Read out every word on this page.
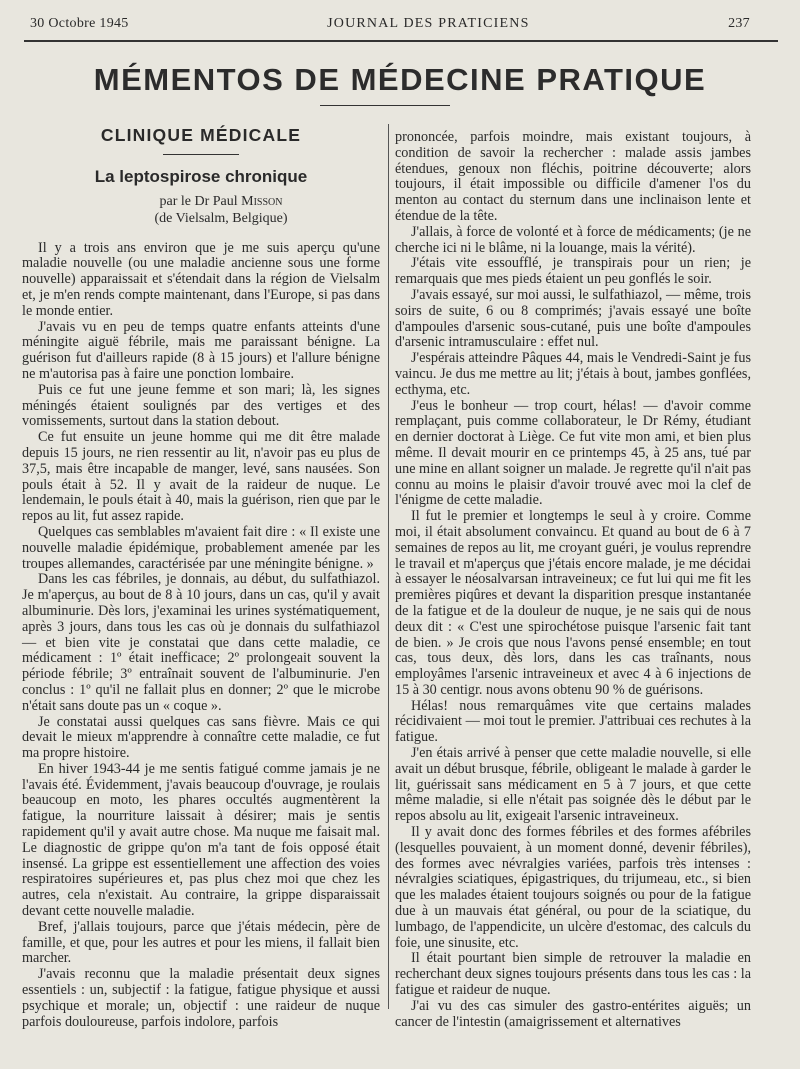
30 Octobre 1945	JOURNAL DES PRATICIENS	237
MÉMENTOS DE MÉDECINE PRATIQUE
CLINIQUE MÉDICALE
La leptospirose chronique
par le Dr Paul Misson
(de Vielsalm, Belgique)

Il y a trois ans environ que je me suis aperçu qu'une maladie nouvelle (ou une maladie ancienne sous une forme nouvelle) apparaissait et s'étendait dans la région de Vielsalm et, je m'en rends compte maintenant, dans l'Europe, si pas dans le monde entier.

J'avais vu en peu de temps quatre enfants atteints d'une méningite aiguë fébrile, mais me paraissant bénigne. La guérison fut d'ailleurs rapide (8 à 15 jours) et l'allure bénigne ne m'autorisa pas à faire une ponction lombaire.

Puis ce fut une jeune femme et son mari; là, les signes méningés étaient soulignés par des vertiges et des vomissements, surtout dans la station debout.

Ce fut ensuite un jeune homme qui me dit être malade depuis 15 jours, ne rien ressentir au lit, n'avoir pas eu plus de 37,5, mais être incapable de manger, levé, sans nausées. Son pouls était à 52. Il y avait de la raideur de nuque. Le lendemain, le pouls était à 40, mais la guérison, rien que par le repos au lit, fut assez rapide.

Quelques cas semblables m'avaient fait dire : « Il existe une nouvelle maladie épidémique, probablement amenée par les troupes allemandes, caractérisée par une méningite bénigne. »

Dans les cas fébriles, je donnais, au début, du sulfathiazol. Je m'aperçus, au bout de 8 à 10 jours, dans un cas, qu'il y avait albuminurie. Dès lors, j'examinai les urines systématiquement, après 3 jours, dans tous les cas où je donnais du sulfathiazol — et bien vite je constatai que dans cette maladie, ce médicament : 1º était inefficace; 2º prolongeait souvent la période fébrile; 3º entraînait souvent de l'albuminurie. J'en conclus : 1º qu'il ne fallait plus en donner; 2º que le microbe n'était sans doute pas un « coque ».

Je constatai aussi quelques cas sans fièvre. Mais ce qui devait le mieux m'apprendre à connaître cette maladie, ce fut ma propre histoire.

En hiver 1943-44 je me sentis fatigué comme jamais je ne l'avais été. Évidemment, j'avais beaucoup d'ouvrage, je roulais beaucoup en moto, les phares occultés augmentèrent la fatigue, la nourriture laissait à désirer; mais je sentis rapidement qu'il y avait autre chose. Ma nuque me faisait mal. Le diagnostic de grippe qu'on m'a tant de fois opposé était insensé. La grippe est essentiellement une affection des voies respiratoires supérieures et, pas plus chez moi que chez les autres, cela n'existait. Au contraire, la grippe disparaissait devant cette nouvelle maladie.

Bref, j'allais toujours, parce que j'étais médecin, père de famille, et que, pour les autres et pour les miens, il fallait bien marcher.

J'avais reconnu que la maladie présentait deux signes essentiels : un, subjectif : la fatigue, fatigue physique et aussi psychique et morale; un, objectif : une raideur de nuque parfois douloureuse, parfois indolore, parfois

prononcée, parfois moindre, mais existant toujours, à condition de savoir la rechercher : malade assis jambes étendues, genoux non fléchis, poitrine découverte; alors toujours, il était impossible ou difficile d'amener l'os du menton au contact du sternum dans une inclinaison lente et étendue de la tête.

J'allais, à force de volonté et à force de médicaments; (je ne cherche ici ni le blâme, ni la louange, mais la vérité).

J'étais vite essoufflé, je transpirais pour un rien; je remarquais que mes pieds étaient un peu gonflés le soir.

J'avais essayé, sur moi aussi, le sulfathiazol, — même, trois soirs de suite, 6 ou 8 comprimés; j'avais essayé une boîte d'ampoules d'arsenic sous-cutané, puis une boîte d'ampoules d'arsenic intramusculaire : effet nul.

J'espérais atteindre Pâques 44, mais le Vendredi-Saint je fus vaincu. Je dus me mettre au lit; j'étais à bout, jambes gonflées, ecthyma, etc.

J'eus le bonheur — trop court, hélas! — d'avoir comme remplaçant, puis comme collaborateur, le Dr Rémy, étudiant en dernier doctorat à Liège. Ce fut vite mon ami, et bien plus même. Il devait mourir en ce printemps 45, à 25 ans, tué par une mine en allant soigner un malade. Je regrette qu'il n'ait pas connu au moins le plaisir d'avoir trouvé avec moi la clef de l'énigme de cette maladie.

Il fut le premier et longtemps le seul à y croire. Comme moi, il était absolument convaincu. Et quand au bout de 6 à 7 semaines de repos au lit, me croyant guéri, je voulus reprendre le travail et m'aperçus que j'étais encore malade, je me décidai à essayer le néosalvarsan intraveineux; ce fut lui qui me fit les premières piqûres et devant la disparition presque instantanée de la fatigue et de la douleur de nuque, je ne sais qui de nous deux dit : « C'est une spirochétose puisque l'arsenic fait tant de bien. » Je crois que nous l'avons pensé ensemble; en tout cas, tous deux, dès lors, dans les cas traînants, nous employâmes l'arsenic intraveineux et avec 4 à 6 injections de 15 à 30 centigr. nous avons obtenu 90 % de guérisons.

Hélas! nous remarquâmes vite que certains malades récidivaient — moi tout le premier. J'attribuai ces rechutes à la fatigue.

J'en étais arrivé à penser que cette maladie nouvelle, si elle avait un début brusque, fébrile, obligeant le malade à garder le lit, guérissait sans médicament en 5 à 7 jours, et que cette même maladie, si elle n'était pas soignée dès le début par le repos absolu au lit, exigeait l'arsenic intraveineux.

Il y avait donc des formes fébriles et des formes afébriles (lesquelles pouvaient, à un moment donné, devenir fébriles), des formes avec névralgies variées, parfois très intenses : névralgies sciatiques, épigastriques, du trijumeau, etc., si bien que les malades étaient toujours soignés ou pour de la fatigue due à un mauvais état général, ou pour de la sciatique, du lumbago, de l'appendicite, un ulcère d'estomac, des calculs du foie, une sinusite, etc.

Il était pourtant bien simple de retrouver la maladie en recherchant deux signes toujours présents dans tous les cas : la fatigue et raideur de nuque.

J'ai vu des cas simuler des gastro-entérites aiguës; un cancer de l'intestin (amaigrissement et alternatives
